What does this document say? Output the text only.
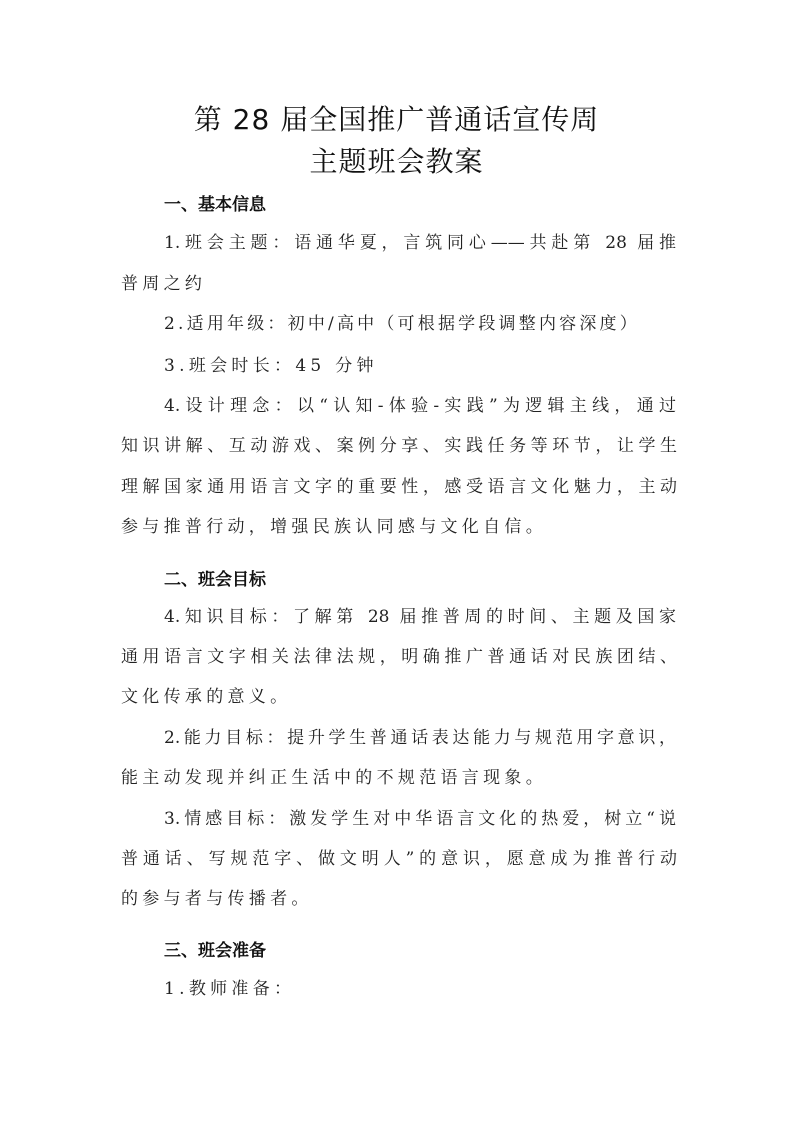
第 28 届全国推广普通话宣传周
主题班会教案
一、基本信息
1.班会主题：语通华夏，言筑同心——共赴第 28 届推
普周之约
2.适用年级：初中/高中（可根据学段调整内容深度）
3.班会时长：45 分钟
4.设计理念：以“认知-体验-实践”为逻辑主线，通过
知识讲解、互动游戏、案例分享、实践任务等环节，让学生
理解国家通用语言文字的重要性，感受语言文化魅力，主动
参与推普行动，增强民族认同感与文化自信。
二、班会目标
4.知识目标：了解第 28 届推普周的时间、主题及国家
通用语言文字相关法律法规，明确推广普通话对民族团结、
文化传承的意义。
2.能力目标：提升学生普通话表达能力与规范用字意识，
能主动发现并纠正生活中的不规范语言现象。
3.情感目标：激发学生对中华语言文化的热爱，树立“说
普通话、写规范字、做文明人”的意识，愿意成为推普行动
的参与者与传播者。
三、班会准备
1.教师准备：
